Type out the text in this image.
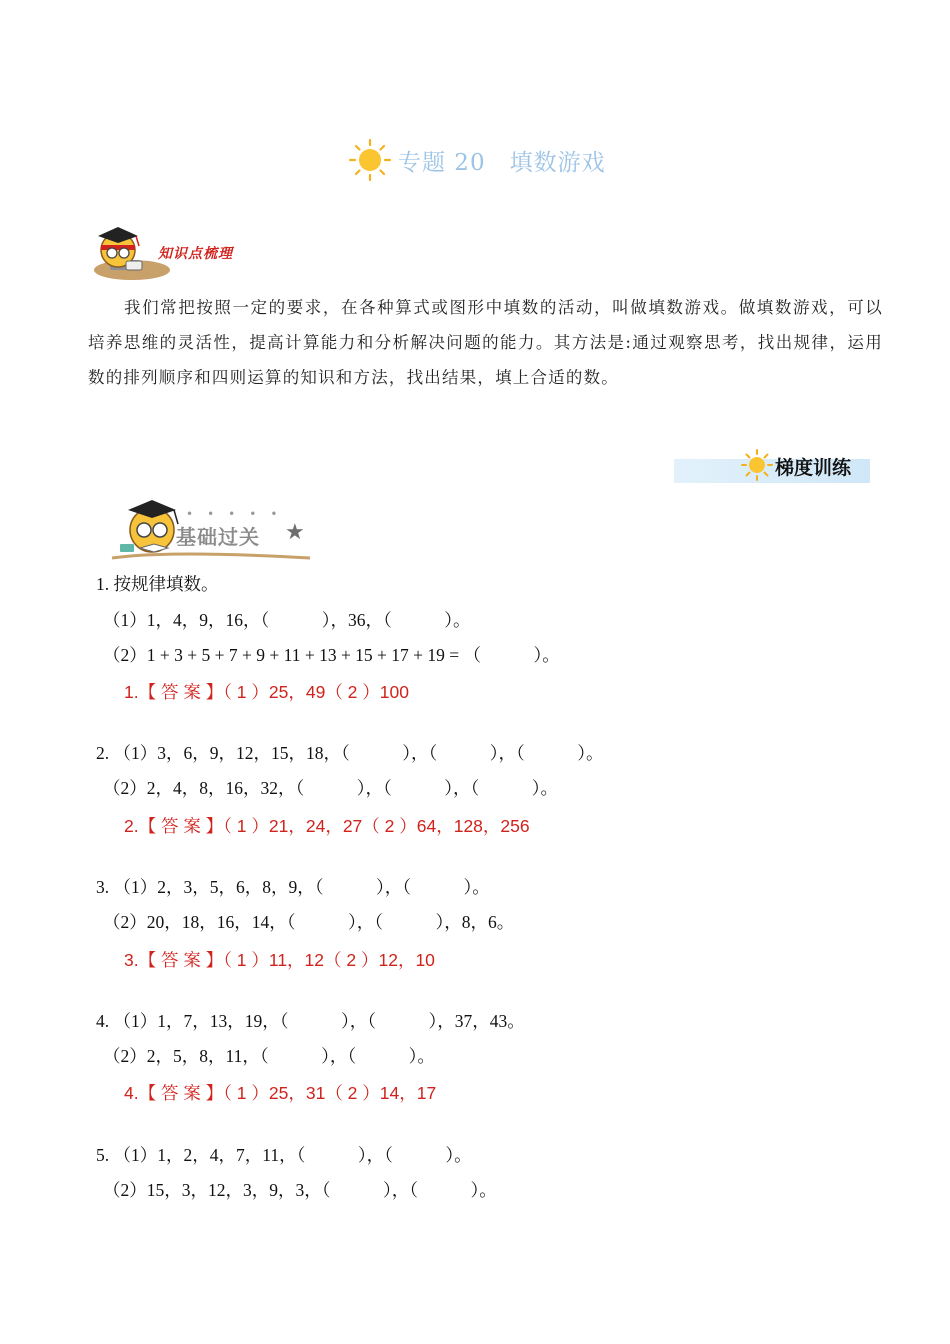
专题 20 填数游戏
知识点梳理
我们常把按照一定的要求，在各种算式或图形中填数的活动，叫做填数游戏。做填数游戏，可以培养思维的灵活性，提高计算能力和分析解决问题的能力。其方法是:通过观察思考，找出规律，运用数的排列顺序和四则运算的知识和方法，找出结果，填上合适的数。
梯度训练
•••••
基础过关 ★
1. 按规律填数。
（1）1，4，9，16，（            ），36，（            ）。
（2）1 + 3 + 5 + 7 + 9 + 11 + 13 + 15 + 17 + 19 = （            ）。
1.【 答 案 】（ 1 ）25，49（ 2 ）100
2. （1）3，6，9，12，15，18，（            ），（            ），（            ）。
（2）2，4，8，16，32，（            ），（            ），（            ）。
2.【 答 案 】（ 1 ）21，24，27（ 2 ）64，128，256
3. （1）2，3，5，6，8，9，（            ），（            ）。
（2）20，18，16，14，（            ），（            ），8，6。
3.【 答 案 】（ 1 ）11，12（ 2 ）12，10
4. （1）1，7，13，19，（            ），（            ），37，43。
（2）2，5，8，11，（            ），（            ）。
4.【 答 案 】（ 1 ）25，31（ 2 ）14，17
5. （1）1，2，4，7，11，（            ），（            ）。
（2）15，3，12，3，9，3，（            ），（            ）。
